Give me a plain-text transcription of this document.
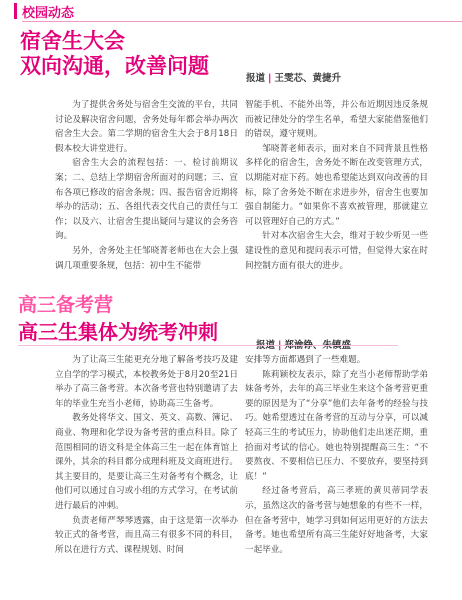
校园动态
宿舍生大会
双向沟通，改善问题
报道 | 王雯芯、黄捷升

为了提供舍务处与宿舍生交流的平台，共同讨论及解决宿舍问题，舍务处每年都会举办两次宿舍生大会。第二学期的宿舍生大会于8月18日假本校大讲堂进行。

宿舍生大会的流程包括：一、检讨前期议案；二、总结上学期宿舍所面对的问题；三、宣布各项已修改的宿舍条规；四、报告宿舍近期将举办的活动；五、各组代表交代自己的责任与工作；以及六、让宿舍生提出疑问与建议的会务咨询。

另外，舍务处主任邹晓菁老师也在大会上强调几项重要条规，包括：初中生不能带

智能手机、不能外出等，并公布近期因违反条规而被记律处分的学生名单，希望大家能借鉴他们的错误，遵守规则。

邹晓菁老师表示，面对来自不同背景且性格多样化的宿舍生，舍务处不断在改变管理方式，以期能对症下药。她也希望能达到双向改善的目标，除了舍务处不断在求进步外，宿舍生也要加强自制能力。“如果你不喜欢被管理，那就建立可以管理好自己的方式。”

针对本次宿舍生大会，维对于较少听见一些建设性的意见和提问表示可惜，但觉得大家在时间控制方面有很大的进步。

高三备考营
高三生集体为统考冲刺

为了让高三生能更充分地了解备考技巧及建立自学的学习模式，本校教务处于8月20至21日举办了高三备考营。本次备考营也特别邀请了去年的毕业生充当小老师，协助高三生备考。

教务处将华文、国文、英文、高数、簿记、商业、物理和化学设为备考营的重点科目。除了范围相同的语文科是全体高三生一起在体育馆上课外，其余的科目都分成理科班及文商班进行。其主要目的，是要让高三生对备考有个概念，让他们可以通过自习或小组的方式学习，在考试前进行最后的冲刺。

负责老师严琴琴透露，由于这是第一次举办较正式的备考营，而且高三有很多不同的科目，所以在进行方式、课程规划、时间

安排等方面都遇到了一些难题。

陈莉颖校友表示，除了充当小老师帮助学弟妹备考外，去年的高三毕业生来这个备考营更重要的原因是为了“分享”他们去年备考的经验与技巧。她希望透过在备考营的互动与分享，可以减轻高三生的考试压力，协助他们走出迷茫期，重拾面对考试的信心。她也特别提醒高三生：“不要熬夜、不要相信已压力、不要放弃，要坚持到底！”

经过备考营后，高三孝班的黄贝蒂同学表示，虽然这次的备考营与她想象的有些不一样，但在备考营中，她学习到如何运用更好的方法去备考。她也希望所有高三生能好好地备考，大家一起毕业。
